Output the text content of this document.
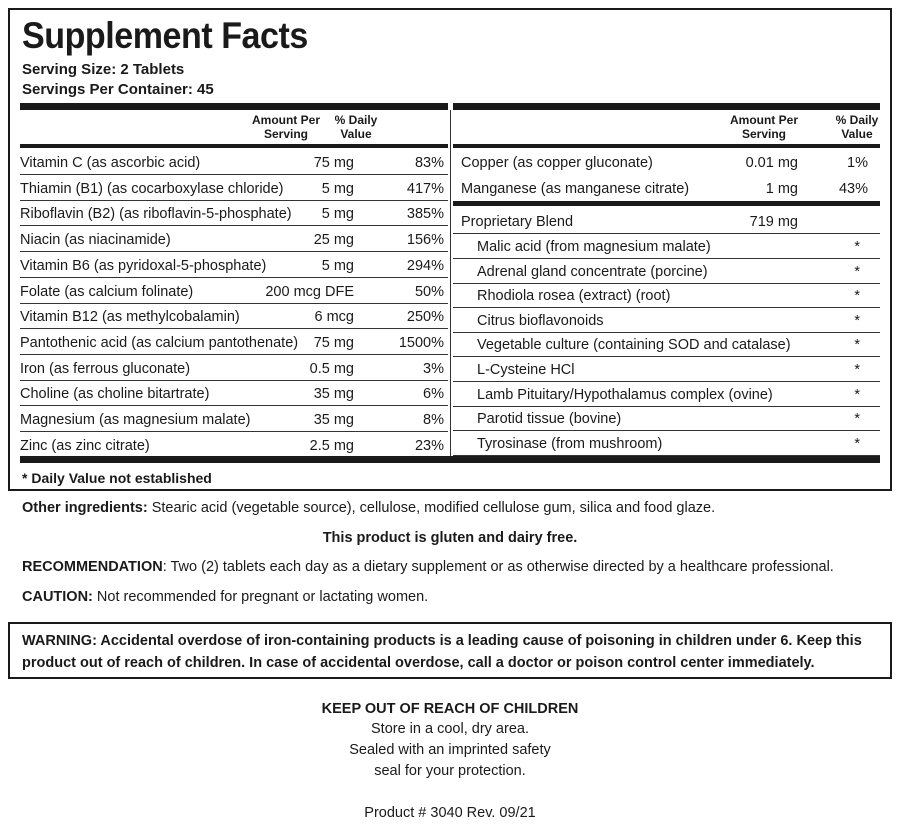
Supplement Facts
Serving Size: 2 Tablets
Servings Per Container: 45
Amount Per Serving
% Daily Value
Amount Per Serving
% Daily Value
Vitamin C (as ascorbic acid)	75 mg	83%
Thiamin (B1) (as cocarboxylase chloride)	5 mg	417%
Riboflavin (B2) (as riboflavin-5-phosphate) 5 mg	385%
Niacin (as niacinamide)	25 mg	156%
Vitamin B6 (as pyridoxal-5-phosphate)	5 mg	294%
Folate (as calcium folinate)	200 mcg DFE	50%
Vitamin B12 (as methylcobalamin)	6 mcg	250%
Pantothenic acid (as calcium pantothenate) 75 mg	1500%
Iron (as ferrous gluconate)	0.5 mg	3%
Choline (as choline bitartrate)	35 mg	6%
Magnesium (as magnesium malate)	35 mg	8%
Zinc (as zinc citrate)	2.5 mg	23%
Copper (as copper gluconate)	0.01 mg	1%
Manganese (as manganese citrate)	1 mg	43%
Proprietary Blend	719 mg
Malic acid (from magnesium malate)	*
Adrenal gland concentrate (porcine)	*
Rhodiola rosea (extract) (root)	*
Citrus bioflavonoids	*
Vegetable culture (containing SOD and catalase)	*
L-Cysteine HCl	*
Lamb Pituitary/Hypothalamus complex (ovine)	*
Parotid tissue (bovine)	*
Tyrosinase (from mushroom)	*
* Daily Value not established
Other ingredients: Stearic acid (vegetable source), cellulose, modified cellulose gum, silica and food glaze.
This product is gluten and dairy free.
RECOMMENDATION: Two (2) tablets each day as a dietary supplement or as otherwise directed by a healthcare professional.
CAUTION: Not recommended for pregnant or lactating women.
WARNING: Accidental overdose of iron-containing products is a leading cause of poisoning in children under 6. Keep this product out of reach of children. In case of accidental overdose, call a doctor or poison control center immediately.
KEEP OUT OF REACH OF CHILDREN
Store in a cool, dry area.
Sealed with an imprinted safety
seal for your protection.
Product # 3040 Rev. 09/21
